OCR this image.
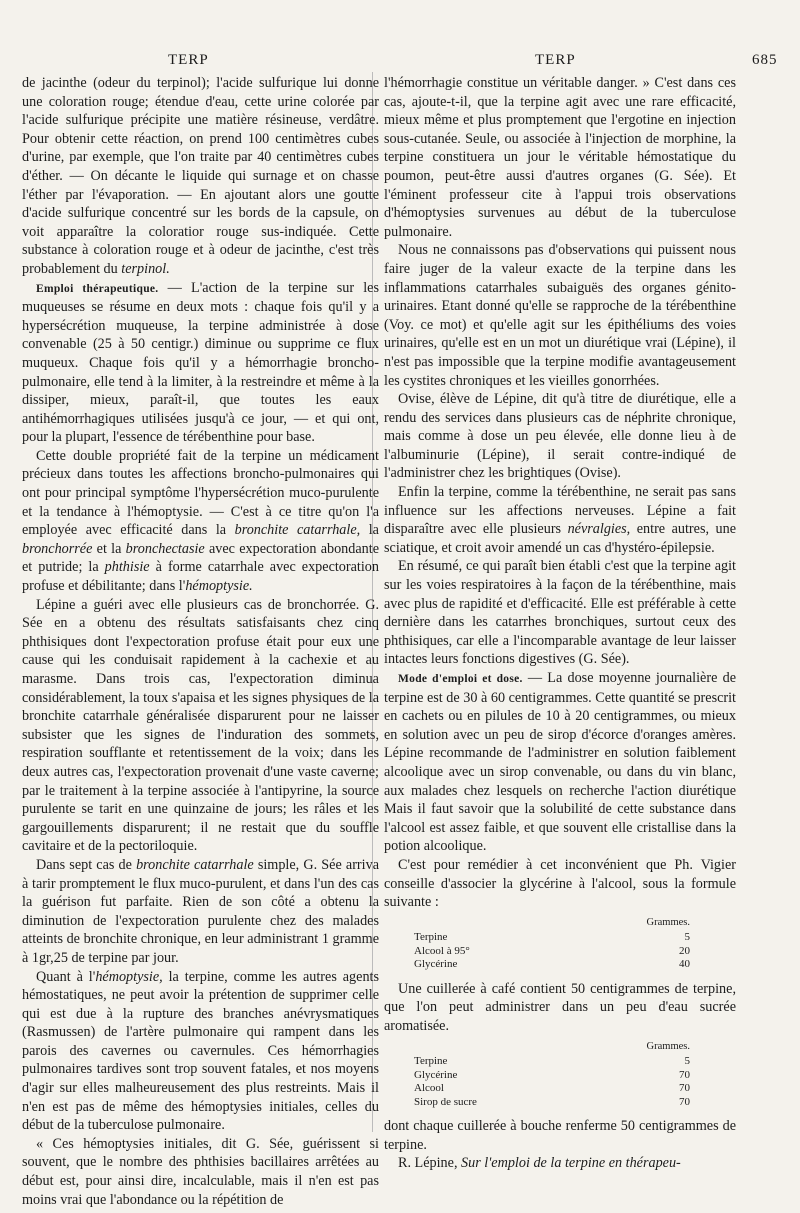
TERP	TERP	685

de jacinthe (odeur du terpinol); l'acide sulfurique lui donne une coloration rouge; étendue d'eau, cette urine colorée par l'acide sulfurique précipite une matière résineuse, verdâtre. Pour obtenir cette réaction, on prend 100 centimètres cubes d'urine, par exemple, que l'on traite par 40 centimètres cubes d'éther. — On décante le liquide qui surnage et on chasse l'éther par l'évaporation. — En ajoutant alors une goutte d'acide sulfurique concentré sur les bords de la capsule, on voit apparaître la coloratior rouge sus-indiquée. Cette substance à coloration rouge et à odeur de jacinthe, c'est très probablement du terpinol.

Emploi thérapeutique. — L'action de la terpine sur les muqueuses se résume en deux mots : chaque fois qu'il y a hypersécrétion muqueuse, la terpine administrée à dose convenable (25 à 50 centigr.) diminue ou supprime ce flux muqueux. Chaque fois qu'il y a hémorrhagie broncho-pulmonaire, elle tend à la limiter, à la restreindre et même à la dissiper, mieux, paraît-il, que toutes les eaux antihémorrhagiques utilisées jusqu'à ce jour, — et qui ont, pour la plupart, l'essence de térébenthine pour base.

Cette double propriété fait de la terpine un médicament précieux dans toutes les affections broncho-pulmonaires qui ont pour principal symptôme l'hypersécrétion muco-purulente et la tendance à l'hémoptysie. — C'est à ce titre qu'on l'a employée avec efficacité dans la bronchite catarrhale, la bronchorrée et la bronchectasie avec expectoration abondante et putride; la phthisie à forme catarrhale avec expectoration profuse et débilitante; dans l'hémoptysie.

Lépine a guéri avec elle plusieurs cas de bronchorrée. G. Sée en a obtenu des résultats satisfaisants chez cinq phthisiques dont l'expectoration profuse était pour eux une cause qui les conduisait rapidement à la cachexie et au marasme. Dans trois cas, l'expectoration diminua considérablement, la toux s'apaisa et les signes physiques de la bronchite catarrhale généralisée disparurent pour ne laisser subsister que les signes de l'induration des sommets, respiration soufflante et retentissement de la voix; dans les deux autres cas, l'expectoration provenait d'une vaste caverne; par le traitement à la terpine associée à l'antipyrine, la source purulente se tarit en une quinzaine de jours; les râles et les gargouillements disparurent; il ne restait que du souffle cavitaire et de la pectoriloquie.

Dans sept cas de bronchite catarrhale simple, G. Sée arriva à tarir promptement le flux muco-purulent, et dans l'un des cas la guérison fut parfaite. Rien de son côté a obtenu la diminution de l'expectoration purulente chez des malades atteints de bronchite chronique, en leur administrant 1 gramme à 1gr,25 de terpine par jour.

Quant à l'hémoptysie, la terpine, comme les autres agents hémostatiques, ne peut avoir la prétention de supprimer celle qui est due à la rupture des branches anévrysmatiques (Rasmussen) de l'artère pulmonaire qui rampent dans les parois des cavernes ou cavernules. Ces hémorrhagies pulmonaires tardives sont trop souvent fatales, et nos moyens d'agir sur elles malheureusement des plus restreints. Mais il n'en est pas de même des hémoptysies initiales, celles du début de la tuberculose pulmonaire.

« Ces hémoptysies initiales, dit G. Sée, guérissent si souvent, que le nombre des phthisies bacillaires arrêtées au début est, pour ainsi dire, incalculable, mais il n'en est pas moins vrai que l'abondance ou la répétition de

l'hémorrhagie constitue un véritable danger. » C'est dans ces cas, ajoute-t-il, que la terpine agit avec une rare efficacité, mieux même et plus promptement que l'ergotine en injection sous-cutanée. Seule, ou associée à l'injection de morphine, la terpine constituera un jour le véritable hémostatique du poumon, peut-être aussi d'autres organes (G. Sée). Et l'éminent professeur cite à l'appui trois observations d'hémoptysies survenues au début de la tuberculose pulmonaire.

Nous ne connaissons pas d'observations qui puissent nous faire juger de la valeur exacte de la terpine dans les inflammations catarrhales subaiguës des organes génito-urinaires. Etant donné qu'elle se rapproche de la térébenthine (Voy. ce mot) et qu'elle agit sur les épithéliums des voies urinaires, qu'elle est en un mot un diurétique vrai (Lépine), il n'est pas impossible que la terpine modifie avantageusement les cystites chroniques et les vieilles gonorrhées.

Ovise, élève de Lépine, dit qu'à titre de diurétique, elle a rendu des services dans plusieurs cas de néphrite chronique, mais comme à dose un peu élevée, elle donne lieu à de l'albuminurie (Lépine), il serait contre-indiqué de l'administrer chez les brightiques (Ovise).

Enfin la terpine, comme la térébenthine, ne serait pas sans influence sur les affections nerveuses. Lépine a fait disparaître avec elle plusieurs névralgies, entre autres, une sciatique, et croit avoir amendé un cas d'hystéro-épilepsie.

En résumé, ce qui paraît bien établi c'est que la terpine agit sur les voies respiratoires à la façon de la térébenthine, mais avec plus de rapidité et d'efficacité. Elle est préférable à cette dernière dans les catarrhes bronchiques, surtout ceux des phthisiques, car elle a l'incomparable avantage de leur laisser intactes leurs fonctions digestives (G. Sée).

Mode d'emploi et dose. — La dose moyenne journalière de terpine est de 30 à 60 centigrammes. Cette quantité se prescrit en cachets ou en pilules de 10 à 20 centigrammes, ou mieux en solution avec un peu de sirop d'écorce d'oranges amères. Lépine recommande de l'administrer en solution faiblement alcoolique avec un sirop convenable, ou dans du vin blanc, aux malades chez lesquels on recherche l'action diurétique Mais il faut savoir que la solubilité de cette substance dans l'alcool est assez faible, et que souvent elle cristallise dans la potion alcoolique.

C'est pour remédier à cet inconvénient que Ph. Vigier conseille d'associer la glycérine à l'alcool, sous la formule suivante :

Grammes.	
Terpine	5
Alcool à 95°	20
Glycérine	40

Une cuillerée à café contient 50 centigrammes de terpine, que l'on peut administrer dans un peu d'eau sucrée aromatisée.

Grammes.	
Terpine	5
Glycérine	70
Alcool	70
Sirop de sucre	70

dont chaque cuillerée à bouche renferme 50 centigrammes de terpine.

R. Lépine, Sur l'emploi de la terpine en thérapeu-
